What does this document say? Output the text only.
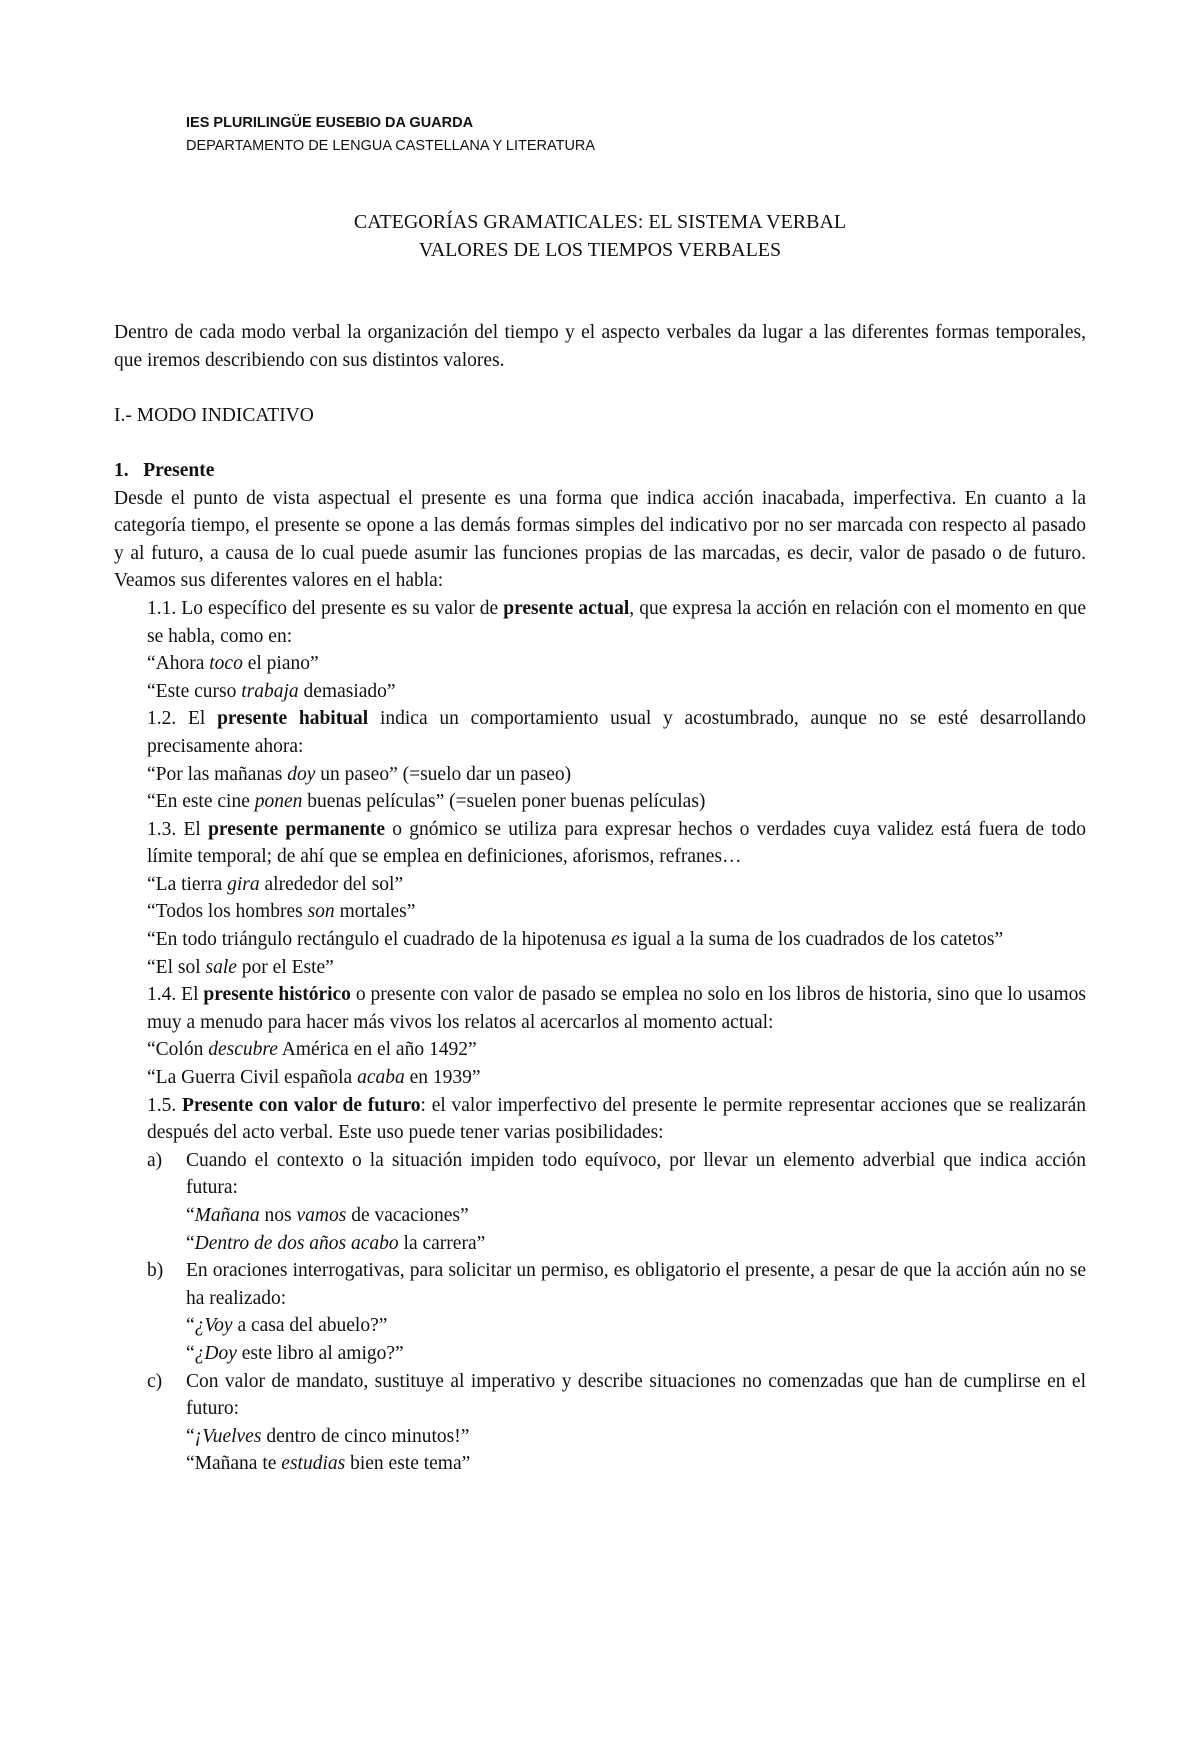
IES PLURILINGÜE EUSEBIO DA GUARDA
DEPARTAMENTO DE LENGUA CASTELLANA Y LITERATURA
CATEGORÍAS GRAMATICALES: EL SISTEMA VERBAL
VALORES DE LOS TIEMPOS VERBALES

Dentro de cada modo verbal la organización del tiempo y el aspecto verbales da lugar a las diferentes formas temporales, que iremos describiendo con sus distintos valores.

I.- MODO INDICATIVO

1. Presente

Desde el punto de vista aspectual el presente es una forma que indica acción inacabada, imperfectiva. En cuanto a la categoría tiempo, el presente se opone a las demás formas simples del indicativo por no ser marcada con respecto al pasado y al futuro, a causa de lo cual puede asumir las funciones propias de las marcadas, es decir, valor de pasado o de futuro. Veamos sus diferentes valores en el habla:

1.1. Lo específico del presente es su valor de presente actual, que expresa la acción en relación con el momento en que se habla, como en:

“Ahora toco el piano”

“Este curso trabaja demasiado”

1.2. El presente habitual indica un comportamiento usual y acostumbrado, aunque no se esté desarrollando precisamente ahora:

“Por las mañanas doy un paseo” (=suelo dar un paseo)

“En este cine ponen buenas películas” (=suelen poner buenas películas)

1.3. El presente permanente o gnómico se utiliza para expresar hechos o verdades cuya validez está fuera de todo límite temporal; de ahí que se emplea en definiciones, aforismos, refranes…

“La tierra gira alrededor del sol”

“Todos los hombres son mortales”

“En todo triángulo rectángulo el cuadrado de la hipotenusa es igual a la suma de los cuadrados de los catetos”

“El sol sale por el Este”

1.4. El presente histórico o presente con valor de pasado se emplea no solo en los libros de historia, sino que lo usamos muy a menudo para hacer más vivos los relatos al acercarlos al momento actual:

“Colón descubre América en el año 1492”

“La Guerra Civil española acaba en 1939”

1.5. Presente con valor de futuro: el valor imperfectivo del presente le permite representar acciones que se realizarán después del acto verbal. Este uso puede tener varias posibilidades:

a) Cuando el contexto o la situación impiden todo equívoco, por llevar un elemento adverbial que indica acción futura:

“Mañana nos vamos de vacaciones”

“Dentro de dos años acabo la carrera”

b) En oraciones interrogativas, para solicitar un permiso, es obligatorio el presente, a pesar de que la acción aún no se ha realizado:

“¿Voy a casa del abuelo?”

“¿Doy este libro al amigo?”

c) Con valor de mandato, sustituye al imperativo y describe situaciones no comenzadas que han de cumplirse en el futuro:

“¡Vuelves dentro de cinco minutos!”

“Mañana te estudias bien este tema”
